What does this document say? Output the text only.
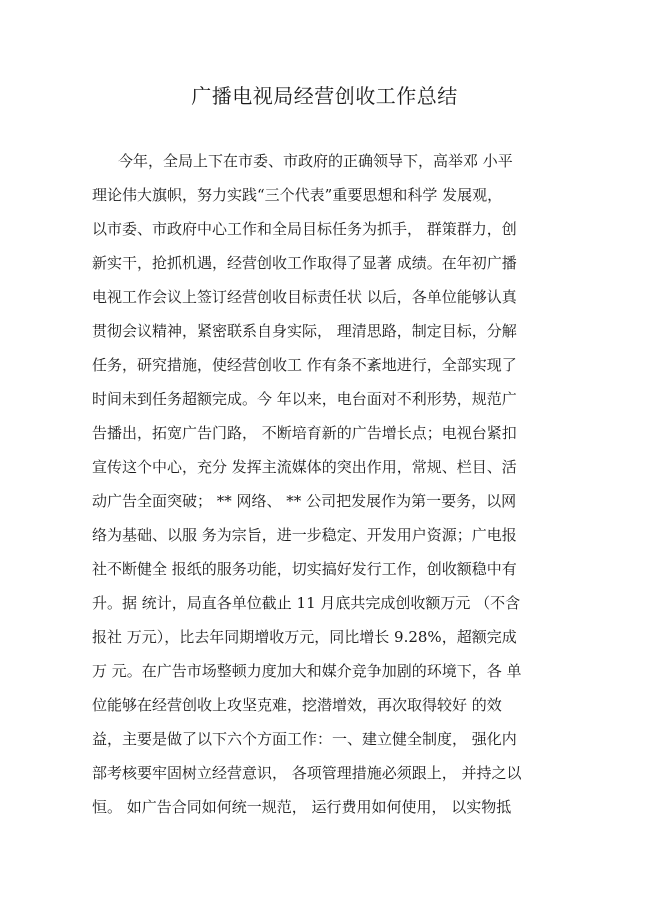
广播电视局经营创收工作总结
今年，全局上下在市委、市政府的正确领导下，高举邓 小平
理论伟大旗帜，努力实践“三个代表”重要思想和科学 发展观，
以市委、市政府中心工作和全局目标任务为抓手， 群策群力，创
新实干，抢抓机遇，经营创收工作取得了显著 成绩。在年初广播
电视工作会议上签订经营创收目标责任状 以后，各单位能够认真
贯彻会议精神，紧密联系自身实际， 理清思路，制定目标，分解
任务，研究措施，使经营创收工 作有条不紊地进行，全部实现了
时间未到任务超额完成。今 年以来，电台面对不利形势，规范广
告播出，拓宽广告门路， 不断培育新的广告增长点；电视台紧扣
宣传这个中心，充分 发挥主流媒体的突出作用，常规、栏目、活
动广告全面突破； ** 网络、 ** 公司把发展作为第一要务，以网
络为基础、以服 务为宗旨，进一步稳定、开发用户资源；广电报
社不断健全 报纸的服务功能，切实搞好发行工作，创收额稳中有
升。据 统计，局直各单位截止 11 月底共完成创收额万元 （不含
报社 万元），比去年同期增收万元，同比增长 9.28%，超额完成
万 元。在广告市场整顿力度加大和媒介竞争加剧的环境下，各 单
位能够在经营创收上攻坚克难，挖潜增效，再次取得较好 的效
益，主要是做了以下六个方面工作：一、建立健全制度， 强化内
部考核要牢固树立经营意识， 各项管理措施必须跟上， 并持之以
恒。 如广告合同如何统一规范， 运行费用如何使用， 以实物抵
